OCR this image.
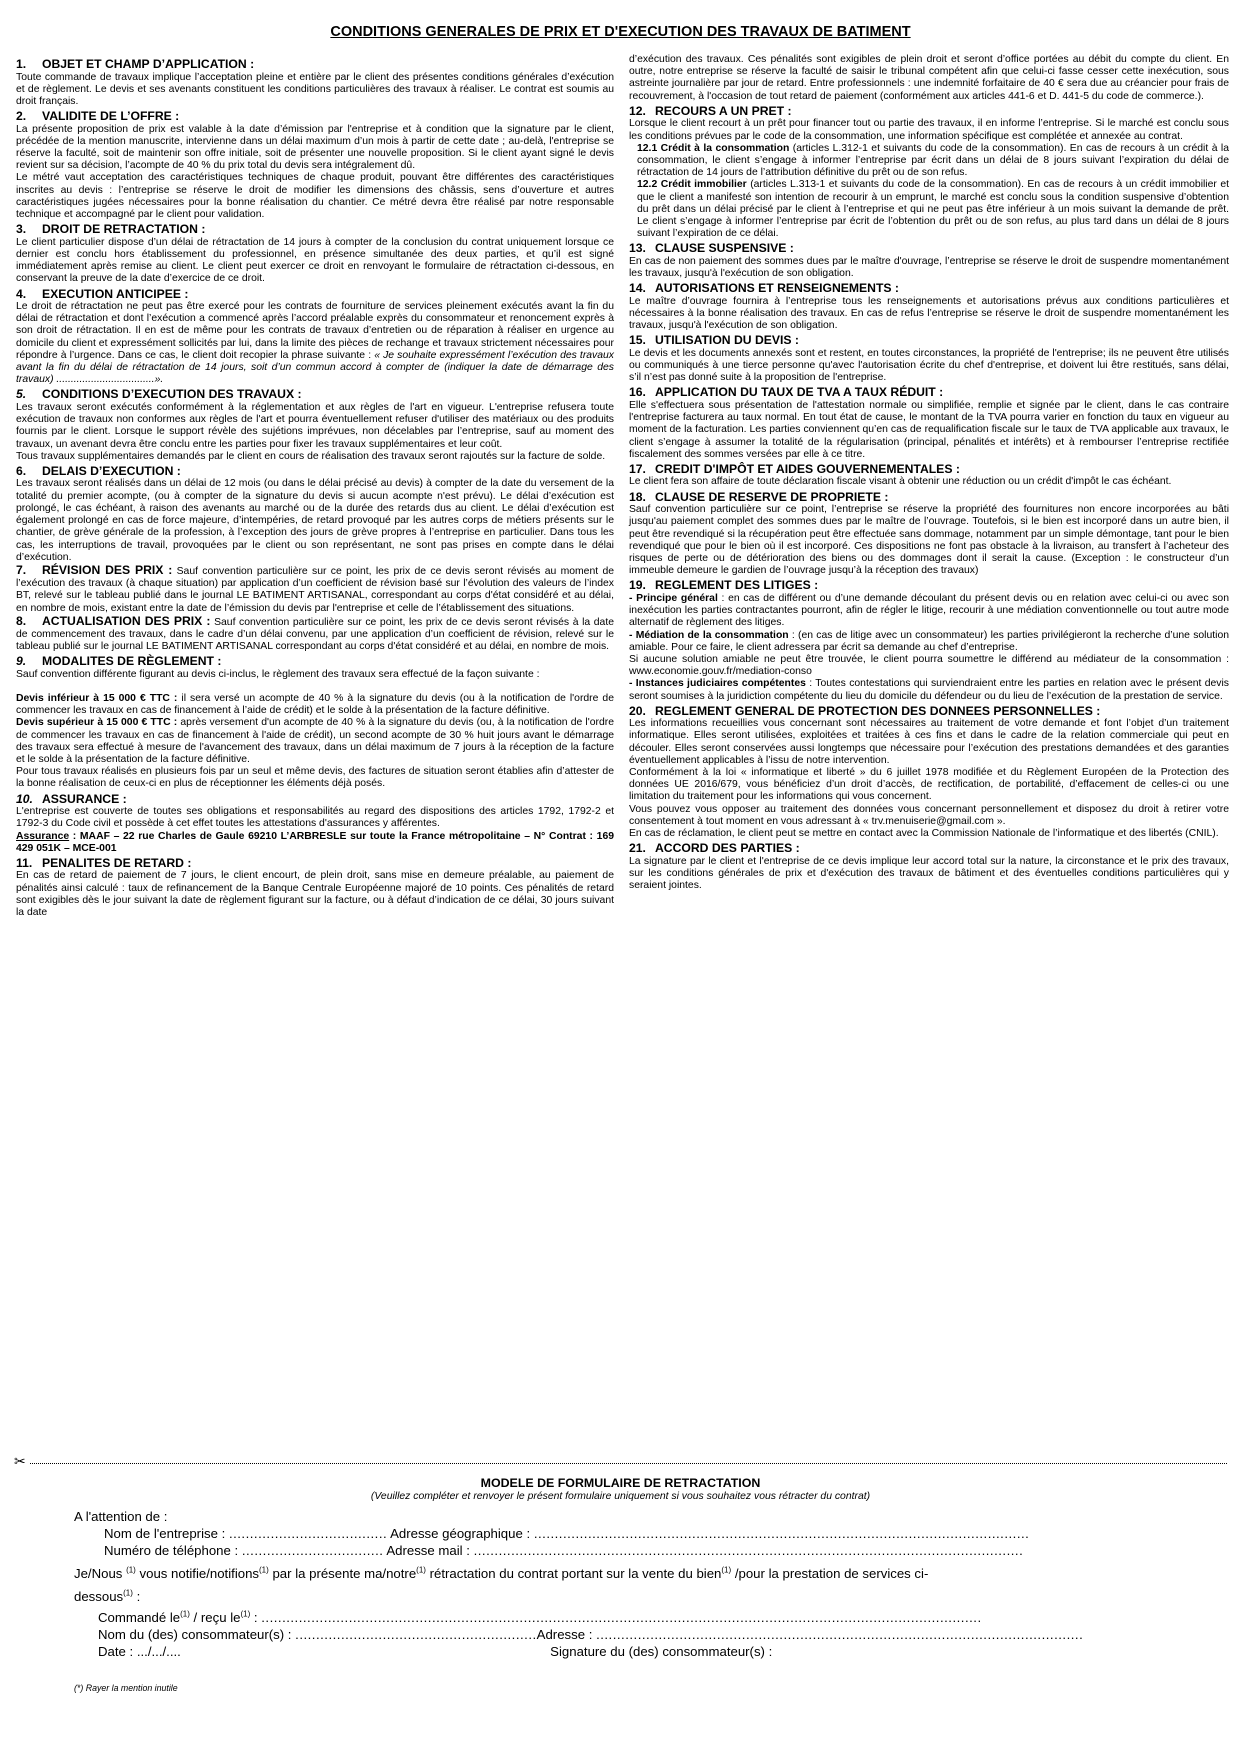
CONDITIONS GENERALES DE PRIX ET D'EXECUTION DES TRAVAUX DE BATIMENT
1. OBJET ET CHAMP D’APPLICATION :

Toute commande de travaux implique l’acceptation pleine et entière par le client des présentes conditions générales d’exécution et de règlement. Le devis et ses avenants constituent les conditions particulières des travaux à réaliser. Le contrat est soumis au droit français.

2. VALIDITE DE L’OFFRE :

La présente proposition de prix est valable à la date d’émission par l'entreprise et à condition que la signature par le client, précédée de la mention manuscrite, intervienne dans un délai maximum d’un mois à partir de cette date ; au-delà, l'entreprise se réserve la faculté, soit de maintenir son offre initiale, soit de présenter une nouvelle proposition. Si le client ayant signé le devis revient sur sa décision, l’acompte de 40 % du prix total du devis sera intégralement dû.

Le métré vaut acceptation des caractéristiques techniques de chaque produit, pouvant être différentes des caractéristiques inscrites au devis : l’entreprise se réserve le droit de modifier les dimensions des châssis, sens d’ouverture et autres caractéristiques jugées nécessaires pour la bonne réalisation du chantier. Ce métré devra être réalisé par notre responsable technique et accompagné par le client pour validation.

3. DROIT DE RETRACTATION :

Le client particulier dispose d’un délai de rétractation de 14 jours à compter de la conclusion du contrat uniquement lorsque ce dernier est conclu hors établissement du professionnel, en présence simultanée des deux parties, et qu’il est signé immédiatement après remise au client. Le client peut exercer ce droit en renvoyant le formulaire de rétractation ci-dessous, en conservant la preuve de la date d’exercice de ce droit.

4. EXECUTION ANTICIPEE :

Le droit de rétractation ne peut pas être exercé pour les contrats de fourniture de services pleinement exécutés avant la fin du délai de rétractation et dont l’exécution a commencé après l’accord préalable exprès du consommateur et renoncement exprès à son droit de rétractation. Il en est de même pour les contrats de travaux d’entretien ou de réparation à réaliser en urgence au domicile du client et expressément sollicités par lui, dans la limite des pièces de rechange et travaux strictement nécessaires pour répondre à l’urgence. Dans ce cas, le client doit recopier la phrase suivante : « Je souhaite expressément l’exécution des travaux avant la fin du délai de rétractation de 14 jours, soit d’un commun accord à compter de (indiquer la date de démarrage des travaux) ..................................».

5. CONDITIONS D’EXECUTION DES TRAVAUX :

Les travaux seront exécutés conformément à la réglementation et aux règles de l'art en vigueur. L'entreprise refusera toute exécution de travaux non conformes aux règles de l'art et pourra éventuellement refuser d'utiliser des matériaux ou des produits fournis par le client. Lorsque le support révèle des sujétions imprévues, non décelables par l’entreprise, sauf au moment des travaux, un avenant devra être conclu entre les parties pour fixer les travaux supplémentaires et leur coût.

Tous travaux supplémentaires demandés par le client en cours de réalisation des travaux seront rajoutés sur la facture de solde.

6. DELAIS D’EXECUTION :

Les travaux seront réalisés dans un délai de 12 mois (ou dans le délai précisé au devis) à compter de la date du versement de la totalité du premier acompte, (ou à compter de la signature du devis si aucun acompte n'est prévu). Le délai d’exécution est prolongé, le cas échéant, à raison des avenants au marché ou de la durée des retards dus au client. Le délai d’exécution est également prolongé en cas de force majeure, d’intempéries, de retard provoqué par les autres corps de métiers présents sur le chantier, de grève générale de la profession, à l’exception des jours de grève propres à l’entreprise en particulier. Dans tous les cas, les interruptions de travail, provoquées par le client ou son représentant, ne sont pas prises en compte dans le délai d’exécution.

7. RÉVISION DES PRIX : Sauf convention particulière sur ce point, les prix de ce devis seront révisés au moment de l’exécution des travaux (à chaque situation) par application d’un coefficient de révision basé sur l’évolution des valeurs de l’index BT, relevé sur le tableau publié dans le journal LE BATIMENT ARTISANAL, correspondant au corps d'état considéré et au délai, en nombre de mois, existant entre la date de l’émission du devis par l'entreprise et celle de l’établissement des situations.

8. ACTUALISATION DES PRIX : Sauf convention particulière sur ce point, les prix de ce devis seront révisés à la date de commencement des travaux, dans le cadre d’un délai convenu, par une application d’un coefficient de révision, relevé sur le tableau publié sur le journal LE BATIMENT ARTISANAL correspondant au corps d'état considéré et au délai, en nombre de mois.

9. MODALITES DE RÈGLEMENT :

Sauf convention différente figurant au devis ci-inclus, le règlement des travaux sera effectué de la façon suivante :

Devis inférieur à 15 000 € TTC : il sera versé un acompte de 40 % à la signature du devis (ou à la notification de l'ordre de commencer les travaux en cas de financement à l’aide de crédit) et le solde à la présentation de la facture définitive.

Devis supérieur à 15 000 € TTC : après versement d'un acompte de 40 % à la signature du devis (ou, à la notification de l'ordre de commencer les travaux en cas de financement à l'aide de crédit), un second acompte de 30 % huit jours avant le démarrage des travaux sera effectué à mesure de l'avancement des travaux, dans un délai maximum de 7 jours à la réception de la facture et le solde à la présentation de la facture définitive.

Pour tous travaux réalisés en plusieurs fois par un seul et même devis, des factures de situation seront établies afin d’attester de la bonne réalisation de ceux-ci en plus de réceptionner les éléments déjà posés.

10. ASSURANCE :

L'entreprise est couverte de toutes ses obligations et responsabilités au regard des dispositions des articles 1792, 1792-2 et 1792-3 du Code civil et possède à cet effet toutes les attestations d'assurances y afférentes.

Assurance : MAAF – 22 rue Charles de Gaule 69210 L’ARBRESLE sur toute la France métropolitaine – N° Contrat : 169 429 051K – MCE-001

11. PENALITES DE RETARD :

En cas de retard de paiement de 7 jours, le client encourt, de plein droit, sans mise en demeure préalable, au paiement de pénalités ainsi calculé : taux de refinancement de la Banque Centrale Européenne majoré de 10 points. Ces pénalités de retard sont exigibles dès le jour suivant la date de règlement figurant sur la facture, ou à défaut d’indication de ce délai, 30 jours suivant la date

d’exécution des travaux. Ces pénalités sont exigibles de plein droit et seront d’office portées au débit du compte du client. En outre, notre entreprise se réserve la faculté de saisir le tribunal compétent afin que celui-ci fasse cesser cette inexécution, sous astreinte journalière par jour de retard. Entre professionnels : une indemnité forfaitaire de 40 € sera due au créancier pour frais de recouvrement, à l'occasion de tout retard de paiement (conformément aux articles 441-6 et D. 441-5 du code de commerce.).

12. RECOURS A UN PRET :

Lorsque le client recourt à un prêt pour financer tout ou partie des travaux, il en informe l’entreprise. Si le marché est conclu sous les conditions prévues par le code de la consommation, une information spécifique est complétée et annexée au contrat.

12.1 Crédit à la consommation (articles L.312-1 et suivants du code de la consommation). En cas de recours à un crédit à la consommation, le client s’engage à informer l’entreprise par écrit dans un délai de 8 jours suivant l’expiration du délai de rétractation de 14 jours de l’attribution définitive du prêt ou de son refus.

12.2 Crédit immobilier (articles L.313-1 et suivants du code de la consommation). En cas de recours à un crédit immobilier et que le client a manifesté son intention de recourir à un emprunt, le marché est conclu sous la condition suspensive d’obtention du prêt dans un délai précisé par le client à l’entreprise et qui ne peut pas être inférieur à un mois suivant la demande de prêt. Le client s’engage à informer l’entreprise par écrit de l’obtention du prêt ou de son refus, au plus tard dans un délai de 8 jours suivant l’expiration de ce délai.

13. CLAUSE SUSPENSIVE :

En cas de non paiement des sommes dues par le maître d'ouvrage, l’entreprise se réserve le droit de suspendre momentanément les travaux, jusqu'à l'exécution de son obligation.

14. AUTORISATIONS ET RENSEIGNEMENTS :

Le maître d’ouvrage fournira à l’entreprise tous les renseignements et autorisations prévus aux conditions particulières et nécessaires à la bonne réalisation des travaux. En cas de refus l’entreprise se réserve le droit de suspendre momentanément les travaux, jusqu'à l'exécution de son obligation.

15. UTILISATION DU DEVIS :

Le devis et les documents annexés sont et restent, en toutes circonstances, la propriété de l'entreprise; ils ne peuvent être utilisés ou communiqués à une tierce personne qu'avec l'autorisation écrite du chef d'entreprise, et doivent lui être restitués, sans délai, s’il n’est pas donné suite à la proposition de l'entreprise.

16. APPLICATION DU TAUX DE TVA A TAUX RÉDUIT :

Elle s'effectuera sous présentation de l'attestation normale ou simplifiée, remplie et signée par le client, dans le cas contraire l'entreprise facturera au taux normal. En tout état de cause, le montant de la TVA pourra varier en fonction du taux en vigueur au moment de la facturation. Les parties conviennent qu’en cas de requalification fiscale sur le taux de TVA applicable aux travaux, le client s’engage à assumer la totalité de la régularisation (principal, pénalités et intérêts) et à rembourser l’entreprise rectifiée fiscalement des sommes versées par elle à ce titre.

17. CREDIT D'IMPÔT ET AIDES GOUVERNEMENTALES :

Le client fera son affaire de toute déclaration fiscale visant à obtenir une réduction ou un crédit d'impôt le cas échéant.

18. CLAUSE DE RESERVE DE PROPRIETE :

Sauf convention particulière sur ce point, l’entreprise se réserve la propriété des fournitures non encore incorporées au bâti jusqu'au paiement complet des sommes dues par le maître de l’ouvrage. Toutefois, si le bien est incorporé dans un autre bien, il peut être revendiqué si la récupération peut être effectuée sans dommage, notamment par un simple démontage, tant pour le bien revendiqué que pour le bien où il est incorporé. Ces dispositions ne font pas obstacle à la livraison, au transfert à l’acheteur des risques de perte ou de détérioration des biens ou des dommages dont il serait la cause. (Exception : le constructeur d’un immeuble demeure le gardien de l’ouvrage jusqu’à la réception des travaux)

19. REGLEMENT DES LITIGES :

- Principe général : en cas de différent ou d’une demande découlant du présent devis ou en relation avec celui-ci ou avec son inexécution les parties contractantes pourront, afin de régler le litige, recourir à une médiation conventionnelle ou tout autre mode alternatif de règlement des litiges.

- Médiation de la consommation : (en cas de litige avec un consommateur) les parties privilégieront la recherche d’une solution amiable. Pour ce faire, le client adressera par écrit sa demande au chef d’entreprise.

Si aucune solution amiable ne peut être trouvée, le client pourra soumettre le différend au médiateur de la consommation : www.economie.gouv.fr/mediation-conso

- Instances judiciaires compétentes : Toutes contestations qui surviendraient entre les parties en relation avec le présent devis seront soumises à la juridiction compétente du lieu du domicile du défendeur ou du lieu de l’exécution de la prestation de service.

20. REGLEMENT GENERAL DE PROTECTION DES DONNEES PERSONNELLES :

Les informations recueillies vous concernant sont nécessaires au traitement de votre demande et font l’objet d’un traitement informatique. Elles seront utilisées, exploitées et traitées à ces fins et dans le cadre de la relation commerciale qui peut en découler. Elles seront conservées aussi longtemps que nécessaire pour l’exécution des prestations demandées et des garanties éventuellement applicables à l’issu de notre intervention.

Conformément à la loi « informatique et liberté » du 6 juillet 1978 modifiée et du Règlement Européen de la Protection des données UE 2016/679, vous bénéficiez d’un droit d’accès, de rectification, de portabilité, d’effacement de celles-ci ou une limitation du traitement pour les informations qui vous concernent.

Vous pouvez vous opposer au traitement des données vous concernant personnellement et disposez du droit à retirer votre consentement à tout moment en vous adressant à « trv.menuiserie@gmail.com ».

En cas de réclamation, le client peut se mettre en contact avec la Commission Nationale de l’informatique et des libertés (CNIL).

21. ACCORD DES PARTIES :

La signature par le client et l'entreprise de ce devis implique leur accord total sur la nature, la circonstance et le prix des travaux, sur les conditions générales de prix et d'exécution des travaux de bâtiment et des éventuelles conditions particulières qui y seraient jointes.

✂
MODELE DE FORMULAIRE DE RETRACTATION
(Veuillez compléter et renvoyer le présent formulaire uniquement si vous souhaitez vous rétracter du contrat)
A l'attention de :
Nom de l'entreprise : ...................................... Adresse géographique : .......................................................................................................................
Numéro de téléphone : .................................. Adresse mail : ....................................................................................................................................
Je/Nous $^{(1)}$ vous notifie/notifions$^{(1)}$ par la présente ma/notre$^{(1)}$ rétractation du contrat portant sur la vente du bien$^{(1)}$ /pour la prestation de services ci-
dessous$^{(1)}$ :
Commandé $le^{(1)}$ / reçu $le^{(1)}$ : .............................................................................................................................................................................
Nom du (des) consommateur(s) : ..........................................................Adresse : .....................................................................................................................
Date : .../.../....	Signature du (des) consommateur(s) :
(*) Rayer la mention inutile
